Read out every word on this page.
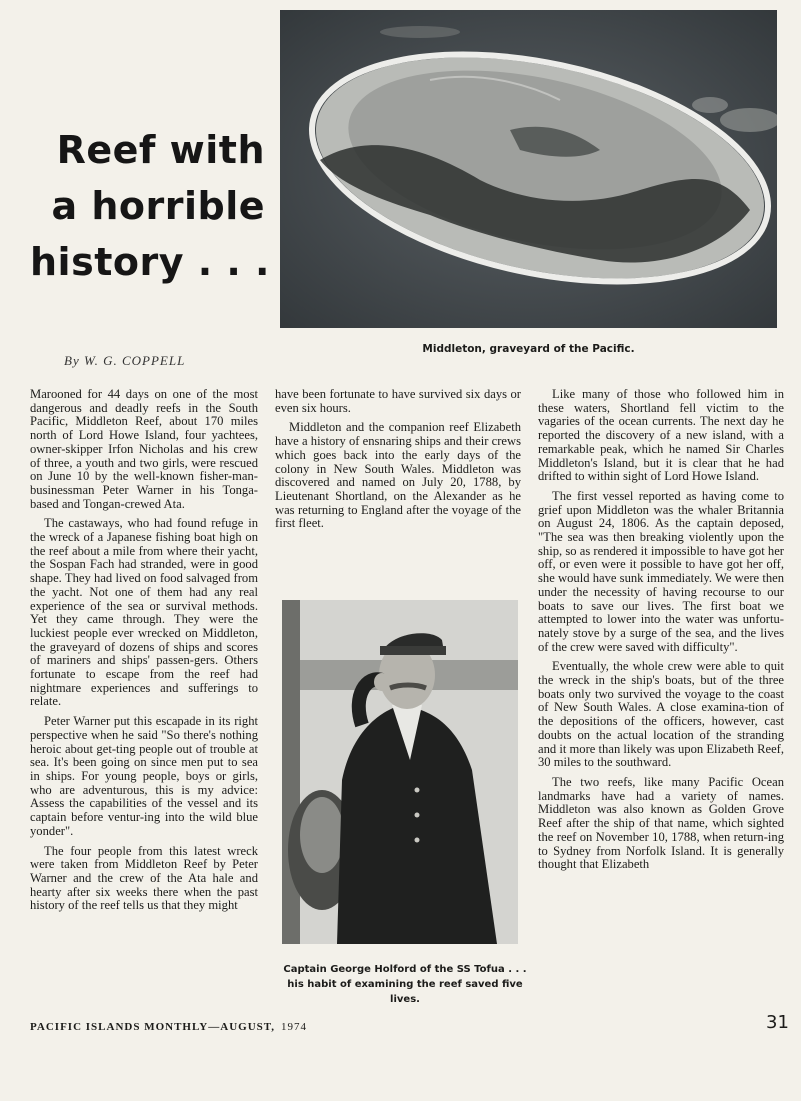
Reef with
a horrible
history . . .
Middleton, graveyard of the Pacific.
By W. G. COPPELL

Marooned for 44 days on one of the most dangerous and deadly reefs in the South Pacific, Middleton Reef, about 170 miles north of Lord Howe Island, four yachtees, owner-skipper Irfon Nicholas and his crew of three, a youth and two girls, were rescued on June 10 by the well-known fisher-man-businessman Peter Warner in his Tonga-based and Tongan-crewed Ata.

The castaways, who had found refuge in the wreck of a Japanese fishing boat high on the reef about a mile from where their yacht, the Sospan Fach had stranded, were in good shape. They had lived on food salvaged from the yacht. Not one of them had any real experience of the sea or survival methods. Yet they came through. They were the luckiest people ever wrecked on Middleton, the graveyard of dozens of ships and scores of mariners and ships' passen-gers. Others fortunate to escape from the reef had nightmare experiences and sufferings to relate.

Peter Warner put this escapade in its right perspective when he said "So there's nothing heroic about get-ting people out of trouble at sea. It's been going on since men put to sea in ships. For young people, boys or girls, who are adventurous, this is my advice: Assess the capabilities of the vessel and its captain before ventur-ing into the wild blue yonder".

The four people from this latest wreck were taken from Middleton Reef by Peter Warner and the crew of the Ata hale and hearty after six weeks there when the past history of the reef tells us that they might

have been fortunate to have survived six days or even six hours.

Middleton and the companion reef Elizabeth have a history of ensnaring ships and their crews which goes back into the early days of the colony in New South Wales. Middleton was discovered and named on July 20, 1788, by Lieutenant Shortland, on the Alexander as he was returning to England after the voyage of the first fleet.

Captain George Holford of the SS Tofua . . . his habit of examining the reef saved five lives.

Like many of those who followed him in these waters, Shortland fell victim to the vagaries of the ocean currents. The next day he reported the discovery of a new island, with a remarkable peak, which he named Sir Charles Middleton's Island, but it is clear that he had drifted to within sight of Lord Howe Island.

The first vessel reported as having come to grief upon Middleton was the whaler Britannia on August 24, 1806. As the captain deposed, "The sea was then breaking violently upon the ship, so as rendered it impossible to have got her off, or even were it possible to have got her off, she would have sunk immediately. We were then under the necessity of having recourse to our boats to save our lives. The first boat we attempted to lower into the water was unfortu-nately stove by a surge of the sea, and the lives of the crew were saved with difficulty".

Eventually, the whole crew were able to quit the wreck in the ship's boats, but of the three boats only two survived the voyage to the coast of New South Wales. A close examina-tion of the depositions of the officers, however, cast doubts on the actual location of the stranding and it more than likely was upon Elizabeth Reef, 30 miles to the southward.

The two reefs, like many Pacific Ocean landmarks have had a variety of names. Middleton was also known as Golden Grove Reef after the ship of that name, which sighted the reef on November 10, 1788, when return-ing to Sydney from Norfolk Island. It is generally thought that Elizabeth

PACIFIC ISLANDS MONTHLY—AUGUST, 1974	31
